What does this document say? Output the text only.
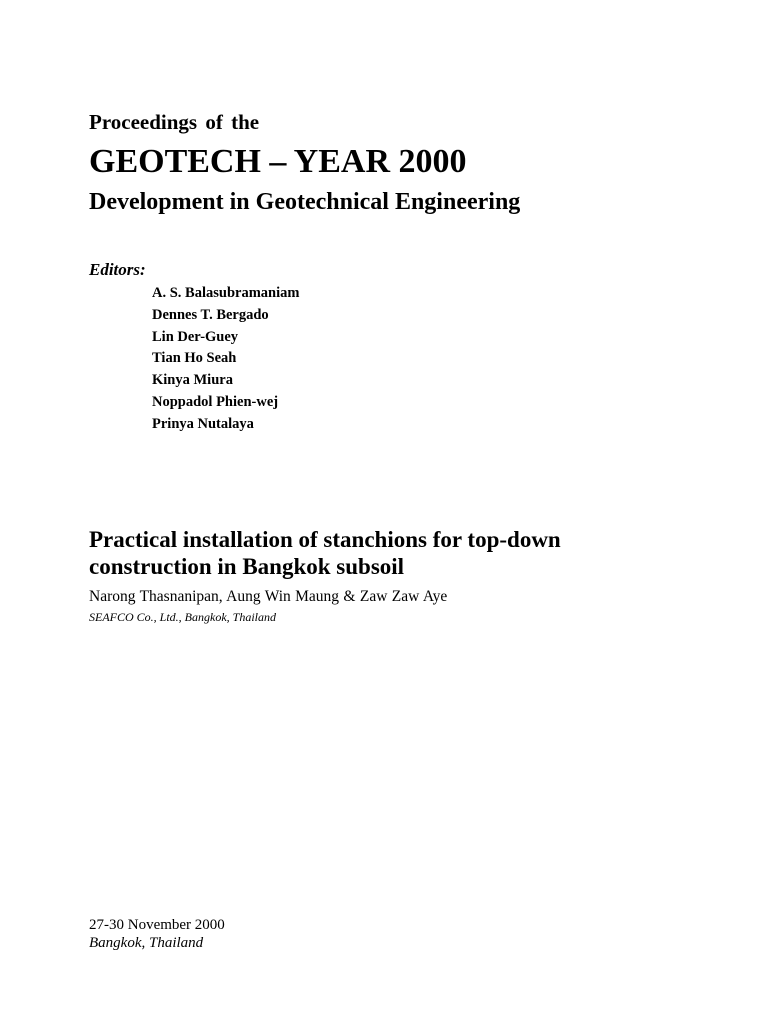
Proceedings of the

GEOTECH – YEAR 2000
Development in Geotechnical Engineering

Editors:

A. S. Balasubramaniam
Dennes T. Bergado
Lin Der-Guey
Tian Ho Seah
Kinya Miura
Noppadol Phien-wej
Prinya Nutalaya
Practical installation of stanchions for top-down
construction in Bangkok subsoil

Narong Thasnanipan, Aung Win Maung & Zaw Zaw Aye

SEAFCO Co., Ltd., Bangkok, Thailand

27-30 November 2000

Bangkok, Thailand
